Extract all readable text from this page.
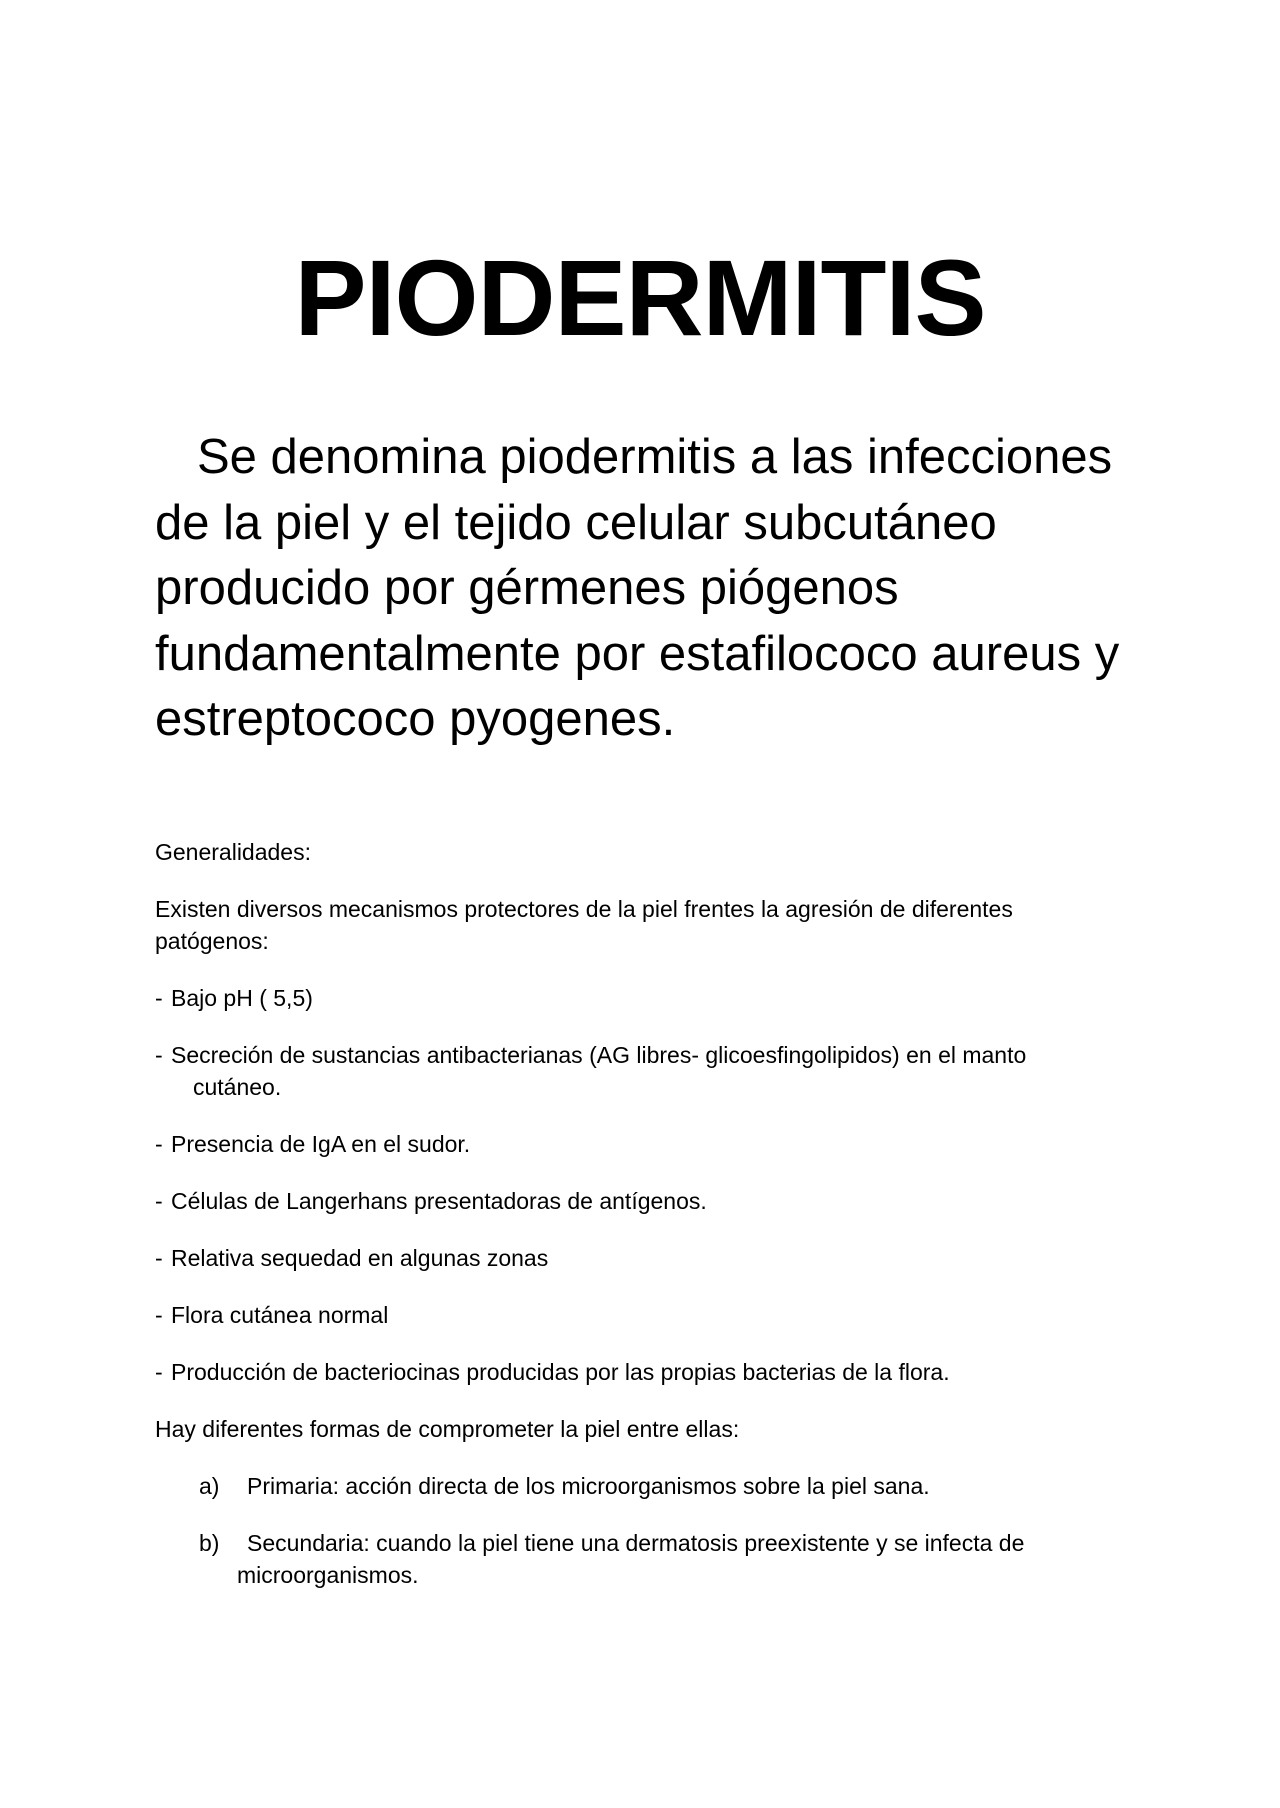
PIODERMITIS

Se denomina piodermitis a las infecciones de la piel y el tejido celular subcutáneo producido por gérmenes piógenos fundamentalmente por estafilococo aureus y estreptococo pyogenes.

Generalidades:

Existen diversos mecanismos protectores de la piel frentes la agresión de diferentes patógenos:

- Bajo pH ( 5,5)

- Secreción de sustancias antibacterianas (AG libres- glicoesfingolipidos) en el manto cutáneo.

- Presencia de IgA en el sudor.

- Células de Langerhans presentadoras de antígenos.

- Relativa sequedad en algunas zonas

- Flora cutánea normal

- Producción de bacteriocinas producidas por las propias bacterias de la flora.

Hay diferentes formas de comprometer la piel entre ellas:

a) Primaria: acción directa de los microorganismos sobre la piel sana.

b) Secundaria: cuando la piel tiene una dermatosis preexistente y se infecta de microorganismos.
